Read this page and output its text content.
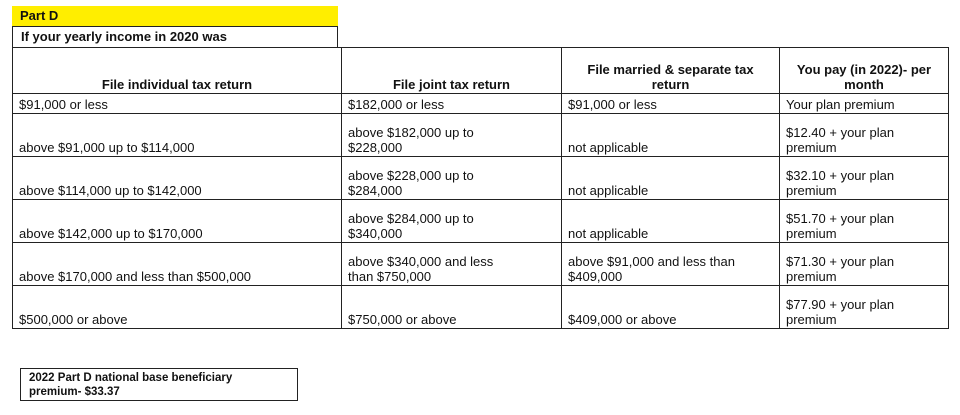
Part D
If your yearly income in 2020 was
File individual tax return	File joint tax return	File married & separate tax
return	You pay (in 2022)- per
month

$91,000 or less	$182,000 or less	$91,000 or less	Your plan premium

above $91,000 up to $114,000	above $182,000 up to
$228,000	not applicable	$12.40 + your plan
premium

above $114,000 up to $142,000	above $228,000 up to
$284,000	not applicable	$32.10 + your plan
premium

above $142,000 up to $170,000	above $284,000 up to
$340,000	not applicable	$51.70 + your plan
premium

above $170,000 and less than $500,000	above $340,000 and less
than $750,000	above $91,000 and less than
$409,000	$71.30 + your plan
premium

$500,000 or above	$750,000 or above	$409,000 or above	$77.90 + your plan
premium
2022 Part D national base beneficiary
premium- $33.37
